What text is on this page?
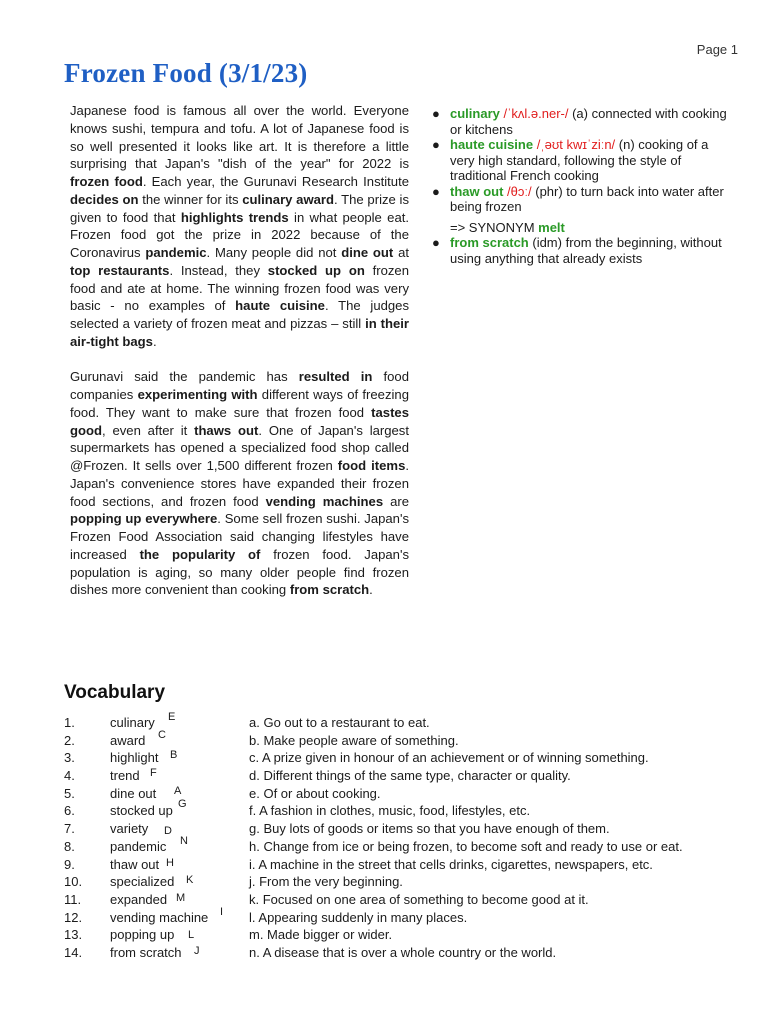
Page 1
Frozen Food (3/1/23)

Japanese food is famous all over the world. Everyone knows sushi, tempura and tofu. A lot of Japanese food is so well presented it looks like art. It is therefore a little surprising that Japan's "dish of the year" for 2022 is frozen food. Each year, the Gurunavi Research Institute decides on the winner for its culinary award. The prize is given to food that highlights trends in what people eat. Frozen food got the prize in 2022 because of the Coronavirus pandemic. Many people did not dine out at top restaurants. Instead, they stocked up on frozen food and ate at home. The winning frozen food was very basic - no examples of haute cuisine. The judges selected a variety of frozen meat and pizzas – still in their air-tight bags.

Gurunavi said the pandemic has resulted in food companies experimenting with different ways of freezing food. They want to make sure that frozen food tastes good, even after it thaws out. One of Japan's largest supermarkets has opened a specialized food shop called @Frozen. It sells over 1,500 different frozen food items. Japan's convenience stores have expanded their frozen food sections, and frozen food vending machines are popping up everywhere. Some sell frozen sushi. Japan's Frozen Food Association said changing lifestyles have increased the popularity of frozen food. Japan's population is aging, so many older people find frozen dishes more convenient than cooking from scratch.

● culinary /ˈkʌl.ə.ner-/ (a) connected with cooking or kitchens
● haute cuisine /ˌəʊt kwɪˈziːn/ (n) cooking of a very high standard, following the style of traditional French cooking
● thaw out /θɔː/ (phr) to turn back into water after being frozen
=> SYNONYM melt
● from scratch (idm) from the beginning, without using anything that already exists
Vocabulary
1.	culinary E	a. Go out to a restaurant to eat.
2.	award C	b. Make people aware of something.
3.	highlight B	c. A prize given in honour of an achievement or of winning something.
4.	trend F	d. Different things of the same type, character or quality.
5.	dine out A	e. Of or about cooking.
6.	stocked up G	f. A fashion in clothes, music, food, lifestyles, etc.
7.	variety D	g. Buy lots of goods or items so that you have enough of them.
8.	pandemic N	h. Change from ice or being frozen, to become soft and ready to use or eat.
9.	thaw out H	i. A machine in the street that cells drinks, cigarettes, newspapers, etc.
10. specialized K	j. From the very beginning.
11. expanded M	k. Focused on one area of something to become good at it.
12. vending machine I l. Appearing suddenly in many places.
13. popping up L	m. Made bigger or wider.
14. from scratch J	n. A disease that is over a whole country or the world.
